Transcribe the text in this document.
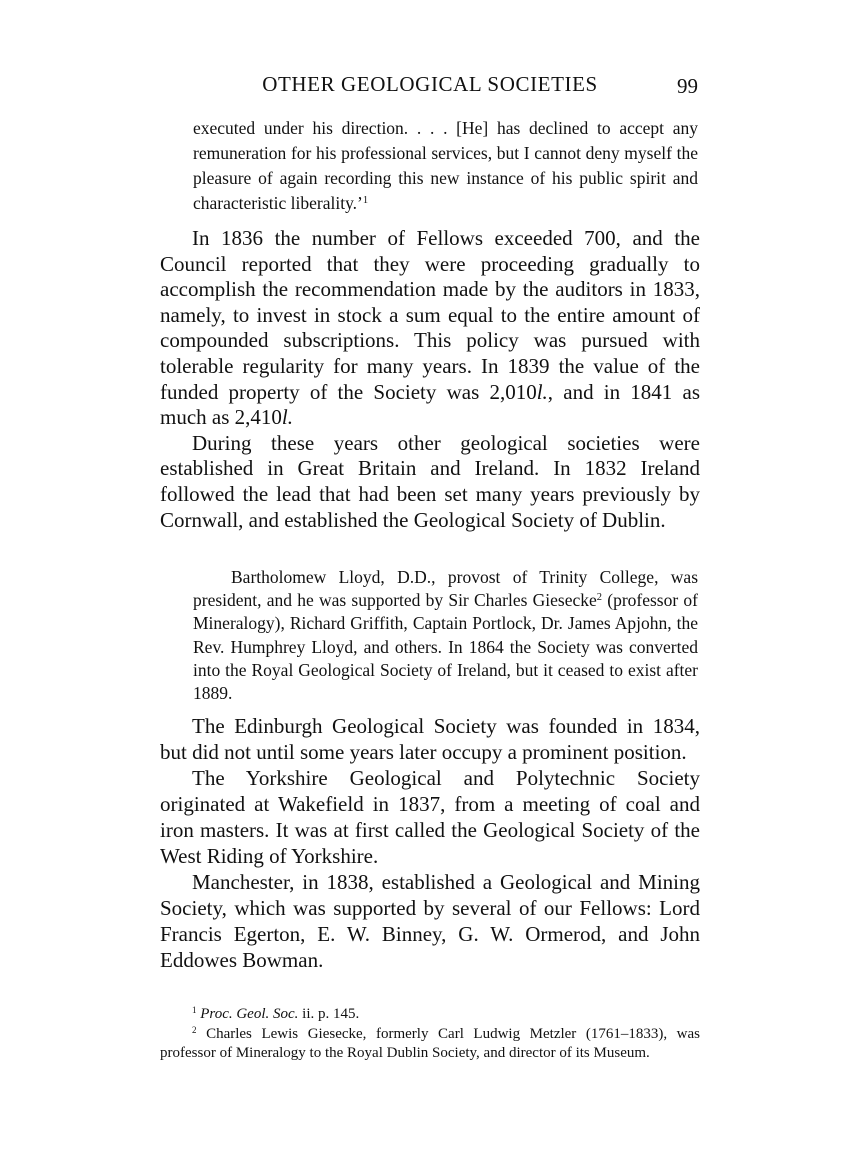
OTHER GEOLOGICAL SOCIETIES	99
executed under his direction. . . . [He] has declined to accept any remuneration for his professional services, but I cannot deny myself the pleasure of again recording this new instance of his public spirit and characteristic liberality.’$^1$

In 1836 the number of Fellows exceeded 700, and the Council reported that they were proceeding gradually to accomplish the recommendation made by the auditors in 1833, namely, to invest in stock a sum equal to the entire amount of compounded subscriptions. This policy was pursued with tolerable regularity for many years. In 1839 the value of the funded property of the Society was 2,010l., and in 1841 as much as 2,410l.

During these years other geological societies were established in Great Britain and Ireland. In 1832 Ireland followed the lead that had been set many years previously by Cornwall, and established the Geological Society of Dublin.

Bartholomew Lloyd, D.D., provost of Trinity College, was president, and he was supported by Sir Charles Giesecke$^2$ (professor of Mineralogy), Richard Griffith, Captain Portlock, Dr. James Apjohn, the Rev. Humphrey Lloyd, and others. In 1864 the Society was converted into the Royal Geological Society of Ireland, but it ceased to exist after 1889.

The Edinburgh Geological Society was founded in 1834, but did not until some years later occupy a prominent position.

The Yorkshire Geological and Polytechnic Society originated at Wakefield in 1837, from a meeting of coal and iron masters. It was at first called the Geological Society of the West Riding of Yorkshire.

Manchester, in 1838, established a Geological and Mining Society, which was supported by several of our Fellows: Lord Francis Egerton, E. W. Binney, G. W. Ormerod, and John Eddowes Bowman.

$^1$ Proc. Geol. Soc. ii. p. 145.

$^2$ Charles Lewis Giesecke, formerly Carl Ludwig Metzler (1761–1833), was professor of Mineralogy to the Royal Dublin Society, and director of its Museum.
